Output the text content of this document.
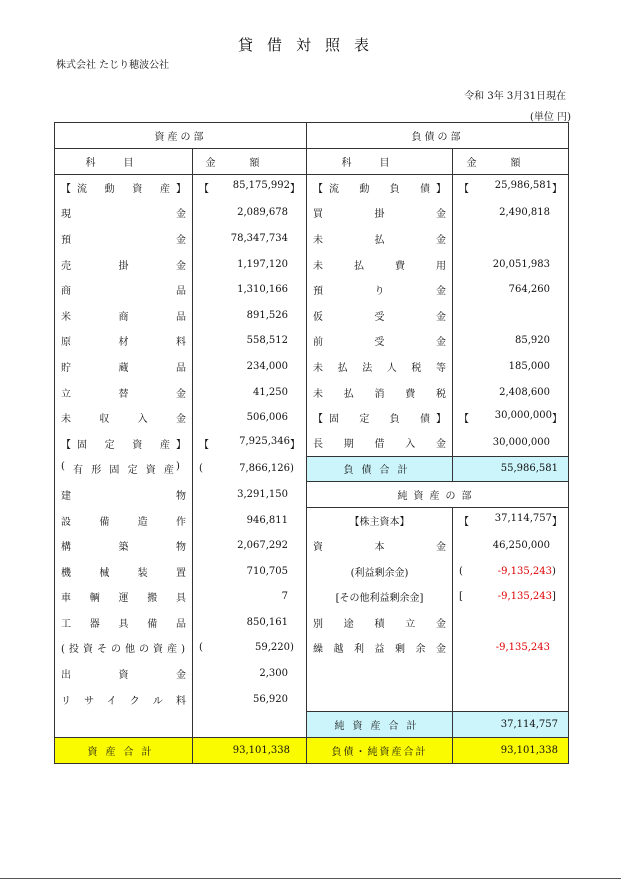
貸借対照表
株式会社 たじり穂波公社
令和 3年 3月31日現在
(単位 円)
資産の部		負債の部	
科目	金額	科目	金額

【 流動資産 】	【 85,175,992 】	【 流動負債 】	【 25,986,581 】

現金	2,089,678	買掛金	2,490,818

預金	78,347,734	未払金	

売掛金	1,197,120	未払費用	20,051,983

商品	1,310,166	預り金	764,260

米商品	891,526	仮受金	

原材料	558,512	前受金	85,920

貯蔵品	234,000	未払法人税等	185,000

立替金	41,250	未払消費税	2,408,600

未収入金	506,006	【 固定負債 】	【 30,000,000 】

【 固定資産 】	【 7,925,346 】	長期借入金	30,000,000

( 有形固定資産 )	( 7,866,126 )	負債合計	55,986,581

建物	3,291,150	純資産の部	

設備造作	946,811	【株主資本】	【 37,114,757 】

構築物	2,067,292	資本金	46,250,000

機械装置	710,705	(利益剰余金)	( -9,135,243 )

車輌運搬具	7	[その他利益剰余金]	[ -9,135,243 ]

工器具備品	850,161	別途積立金	

(投資その他の資産)	( 59,220 )	繰越利益剰余金	-9,135,243

出資金	2,300		

リサイクル料	56,920		

		純資産合計	37,114,757

資産合計	93,101,338	負債・純資産合計	93,101,338
